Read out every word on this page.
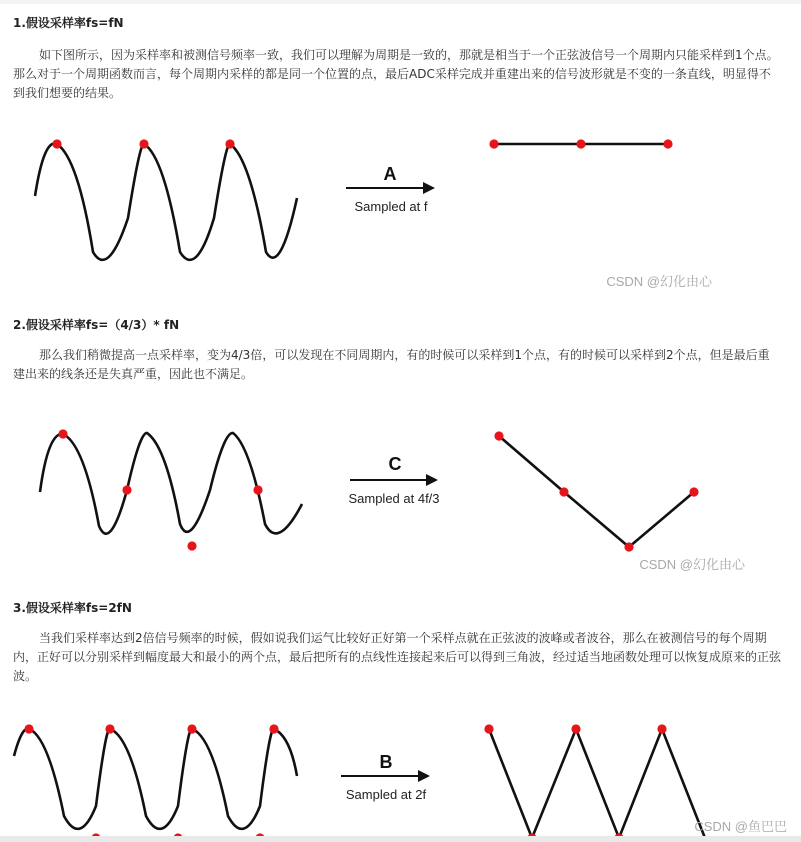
1.假设采样率fs=fN

如下图所示，因为采样率和被测信号频率一致，我们可以理解为周期是一致的，那就是相当于一个正弦波信号一个周期内只能采样到1个点。那么对于一个周期函数而言，每个周期内采样的都是同一个位置的点，最后ADC采样完成并重建出来的信号波形就是不变的一条直线，明显得不到我们想要的结果。

A
Sampled at f
CSDN @幻化由心
2.假设采样率fs=（4/3）* fN

那么我们稍微提高一点采样率，变为4/3倍，可以发现在不同周期内，有的时候可以采样到1个点，有的时候可以采样到2个点，但是最后重建出来的线条还是失真严重，因此也不满足。

C
Sampled at 4f/3
CSDN @幻化由心
3.假设采样率fs=2fN

当我们采样率达到2倍信号频率的时候，假如说我们运气比较好正好第一个采样点就在正弦波的波峰或者波谷，那么在被测信号的每个周期内，正好可以分别采样到幅度最大和最小的两个点，最后把所有的点线性连接起来后可以得到三角波，经过适当地函数处理可以恢复成原来的正弦波。

B
Sampled at 2f
CSDN @鱼巴巴
